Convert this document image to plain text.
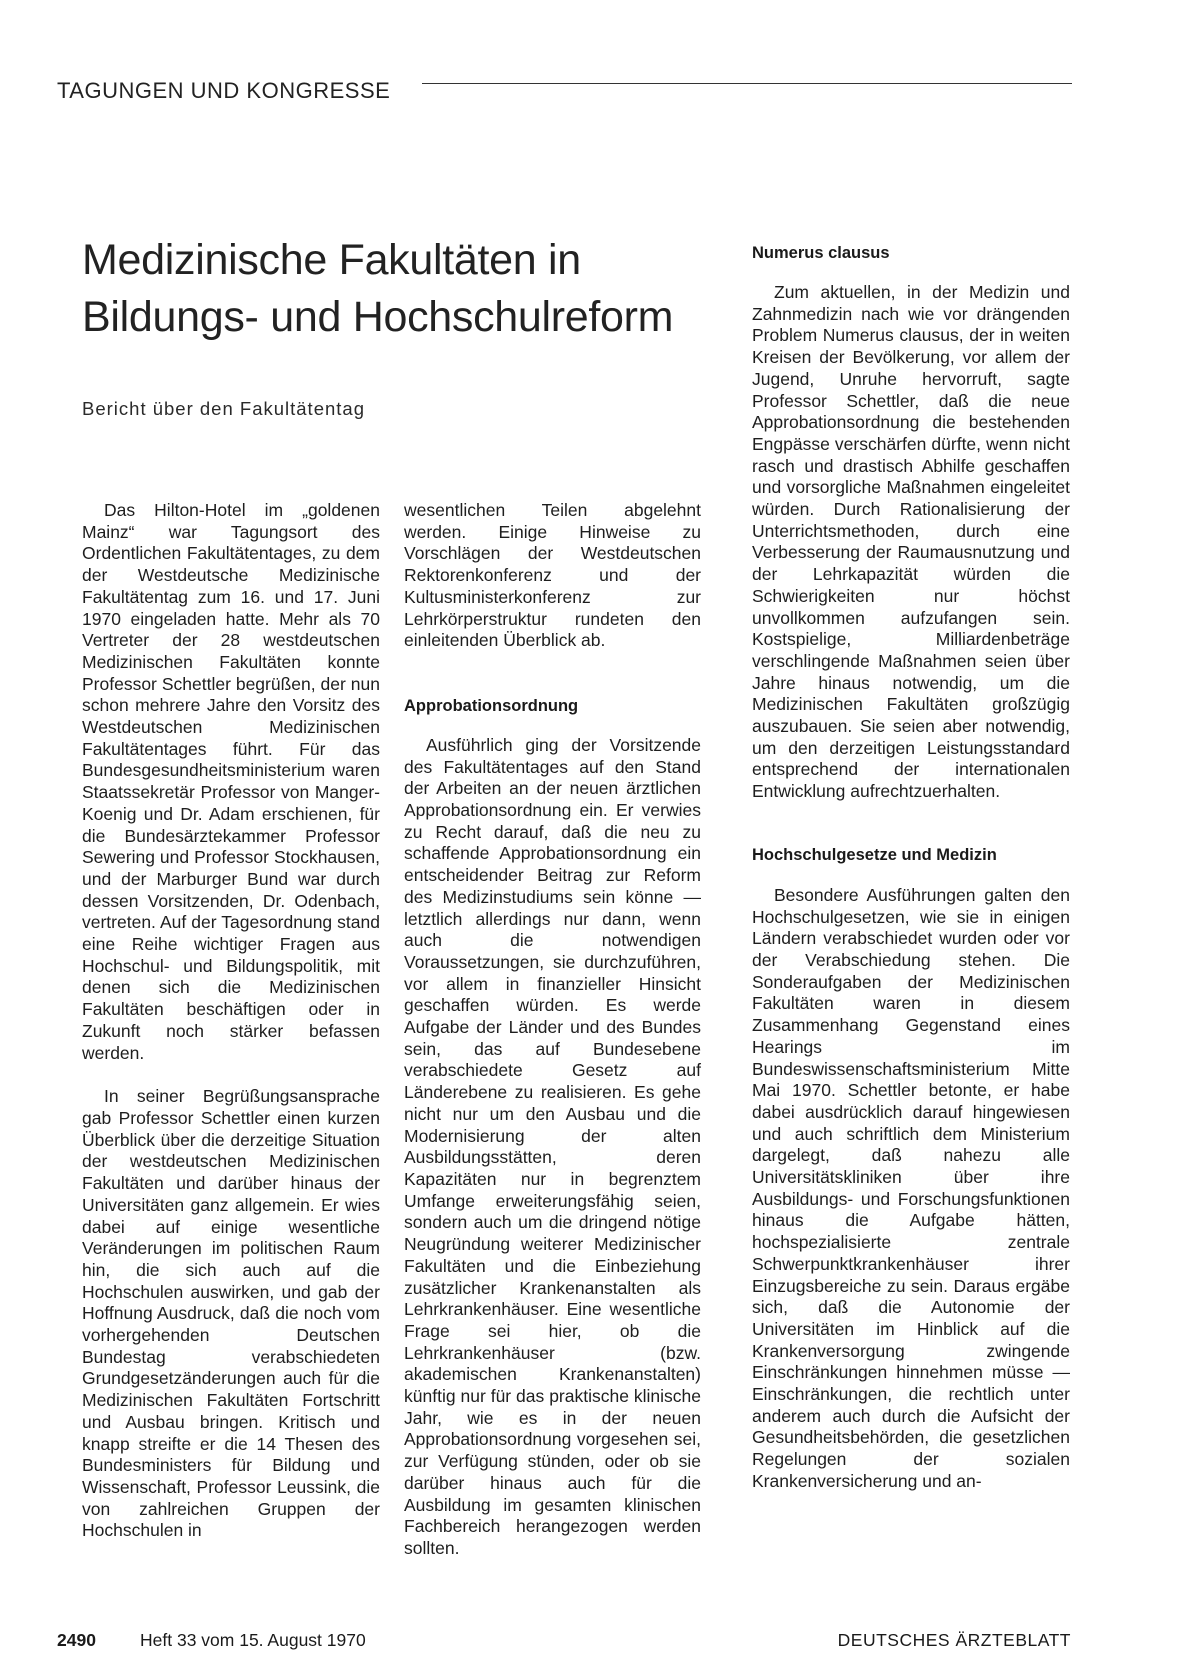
TAGUNGEN UND KONGRESSE
Medizinische Fakultäten in
Bildungs- und Hochschulreform
Bericht über den Fakultätentag

Das Hilton-Hotel im „goldenen Mainz“ war Tagungsort des Ordentlichen Fakultätentages, zu dem der Westdeutsche Medizinische Fakultätentag zum 16. und 17. Juni 1970 eingeladen hatte. Mehr als 70 Vertreter der 28 westdeutschen Medizinischen Fakultäten konnte Professor Schettler begrüßen, der nun schon mehrere Jahre den Vorsitz des Westdeutschen Medizinischen Fakultätentages führt. Für das Bundesgesundheitsministerium waren Staatssekretär Professor von Manger-Koenig und Dr. Adam erschienen, für die Bundesärztekammer Professor Sewering und Professor Stockhausen, und der Marburger Bund war durch dessen Vorsitzenden, Dr. Odenbach, vertreten. Auf der Tagesordnung stand eine Reihe wichtiger Fragen aus Hochschul- und Bildungspolitik, mit denen sich die Medizinischen Fakultäten beschäftigen oder in Zukunft noch stärker befassen werden.

In seiner Begrüßungsansprache gab Professor Schettler einen kurzen Überblick über die derzeitige Situation der westdeutschen Medizinischen Fakultäten und darüber hinaus der Universitäten ganz allgemein. Er wies dabei auf einige wesentliche Veränderungen im politischen Raum hin, die sich auch auf die Hochschulen auswirken, und gab der Hoffnung Ausdruck, daß die noch vom vorhergehenden Deutschen Bundestag verabschiedeten Grundgesetzänderungen auch für die Medizinischen Fakultäten Fortschritt und Ausbau bringen. Kritisch und knapp streifte er die 14 Thesen des Bundesministers für Bildung und Wissenschaft, Professor Leussink, die von zahlreichen Gruppen der Hochschulen in

wesentlichen Teilen abgelehnt werden. Einige Hinweise zu Vorschlägen der Westdeutschen Rektorenkonferenz und der Kultusministerkonferenz zur Lehrkörperstruktur rundeten den einleitenden Überblick ab.

Approbationsordnung

Ausführlich ging der Vorsitzende des Fakultätentages auf den Stand der Arbeiten an der neuen ärztlichen Approbationsordnung ein. Er verwies zu Recht darauf, daß die neu zu schaffende Approbationsordnung ein entscheidender Beitrag zur Reform des Medizinstudiums sein könne — letztlich allerdings nur dann, wenn auch die notwendigen Voraussetzungen, sie durchzuführen, vor allem in finanzieller Hinsicht geschaffen würden. Es werde Aufgabe der Länder und des Bundes sein, das auf Bundesebene verabschiedete Gesetz auf Länderebene zu realisieren. Es gehe nicht nur um den Ausbau und die Modernisierung der alten Ausbildungsstätten, deren Kapazitäten nur in begrenztem Umfange erweiterungsfähig seien, sondern auch um die dringend nötige Neugründung weiterer Medizinischer Fakultäten und die Einbeziehung zusätzlicher Krankenanstalten als Lehrkrankenhäuser. Eine wesentliche Frage sei hier, ob die Lehrkrankenhäuser (bzw. akademischen Krankenanstalten) künftig nur für das praktische klinische Jahr, wie es in der neuen Approbationsordnung vorgesehen sei, zur Verfügung stünden, oder ob sie darüber hinaus auch für die Ausbildung im gesamten klinischen Fachbereich herangezogen werden sollten.

Numerus clausus

Zum aktuellen, in der Medizin und Zahnmedizin nach wie vor drängenden Problem Numerus clausus, der in weiten Kreisen der Bevölkerung, vor allem der Jugend, Unruhe hervorruft, sagte Professor Schettler, daß die neue Approbationsordnung die bestehenden Engpässe verschärfen dürfte, wenn nicht rasch und drastisch Abhilfe geschaffen und vorsorgliche Maßnahmen eingeleitet würden. Durch Rationalisierung der Unterrichtsmethoden, durch eine Verbesserung der Raumausnutzung und der Lehrkapazität würden die Schwierigkeiten nur höchst unvollkommen aufzufangen sein. Kostspielige, Milliardenbeträge verschlingende Maßnahmen seien über Jahre hinaus notwendig, um die Medizinischen Fakultäten großzügig auszubauen. Sie seien aber notwendig, um den derzeitigen Leistungsstandard entsprechend der internationalen Entwicklung aufrechtzuerhalten.

Hochschulgesetze und Medizin

Besondere Ausführungen galten den Hochschulgesetzen, wie sie in einigen Ländern verabschiedet wurden oder vor der Verabschiedung stehen. Die Sonderaufgaben der Medizinischen Fakultäten waren in diesem Zusammenhang Gegenstand eines Hearings im Bundeswissenschaftsministerium Mitte Mai 1970. Schettler betonte, er habe dabei ausdrücklich darauf hingewiesen und auch schriftlich dem Ministerium dargelegt, daß nahezu alle Universitätskliniken über ihre Ausbildungs- und Forschungsfunktionen hinaus die Aufgabe hätten, hochspezialisierte zentrale Schwerpunktkrankenhäuser ihrer Einzugsbereiche zu sein. Daraus ergäbe sich, daß die Autonomie der Universitäten im Hinblick auf die Krankenversorgung zwingende Einschränkungen hinnehmen müsse — Einschränkungen, die rechtlich unter anderem auch durch die Aufsicht der Gesundheitsbehörden, die gesetzlichen Regelungen der sozialen Krankenversicherung und an-

2490	Heft 33 vom 15. August 1970	DEUTSCHES ÄRZTEBLATT
